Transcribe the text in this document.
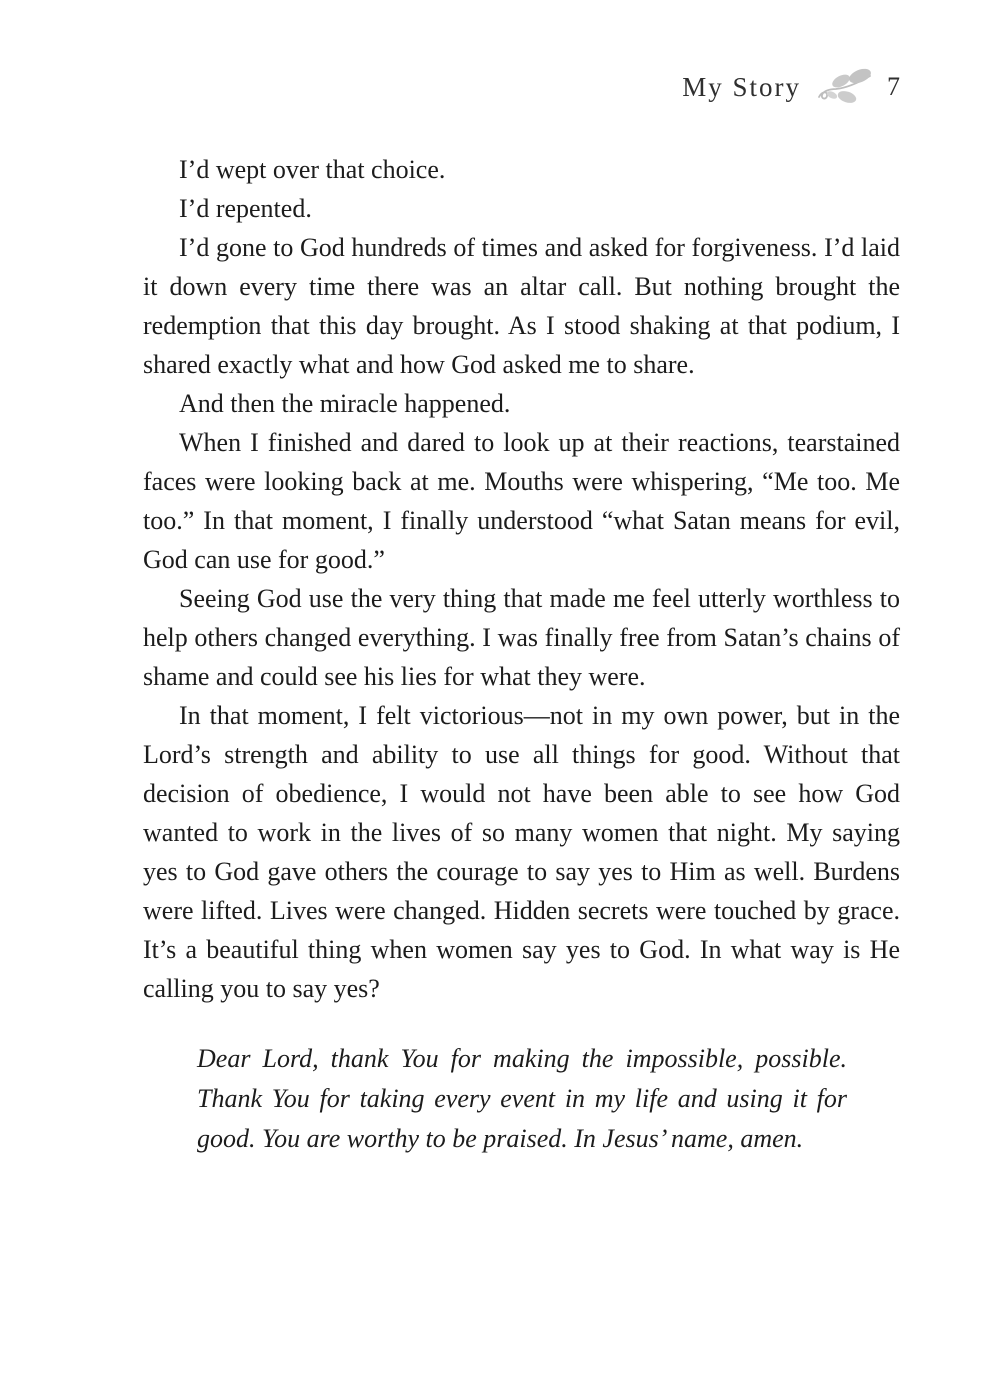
My Story	7

I’d wept over that choice.

I’d repented.

I’d gone to God hundreds of times and asked for forgiveness. I’d laid it down every time there was an altar call. But nothing brought the redemption that this day brought. As I stood shaking at that podium, I shared exactly what and how God asked me to share.

And then the miracle happened.

When I finished and dared to look up at their reactions, tearstained faces were looking back at me. Mouths were whispering, “Me too. Me too.” In that moment, I finally understood “what Satan means for evil, God can use for good.”

Seeing God use the very thing that made me feel utterly worthless to help others changed everything. I was finally free from Satan’s chains of shame and could see his lies for what they were.

In that moment, I felt victorious—not in my own power, but in the Lord’s strength and ability to use all things for good. Without that decision of obedience, I would not have been able to see how God wanted to work in the lives of so many women that night. My saying yes to God gave others the courage to say yes to Him as well. Burdens were lifted. Lives were changed. Hidden secrets were touched by grace. It’s a beautiful thing when women say yes to God. In what way is He calling you to say yes?

Dear Lord, thank You for making the impossible, possible. Thank You for taking every event in my life and using it for good. You are worthy to be praised. In Jesus’ name, amen.
